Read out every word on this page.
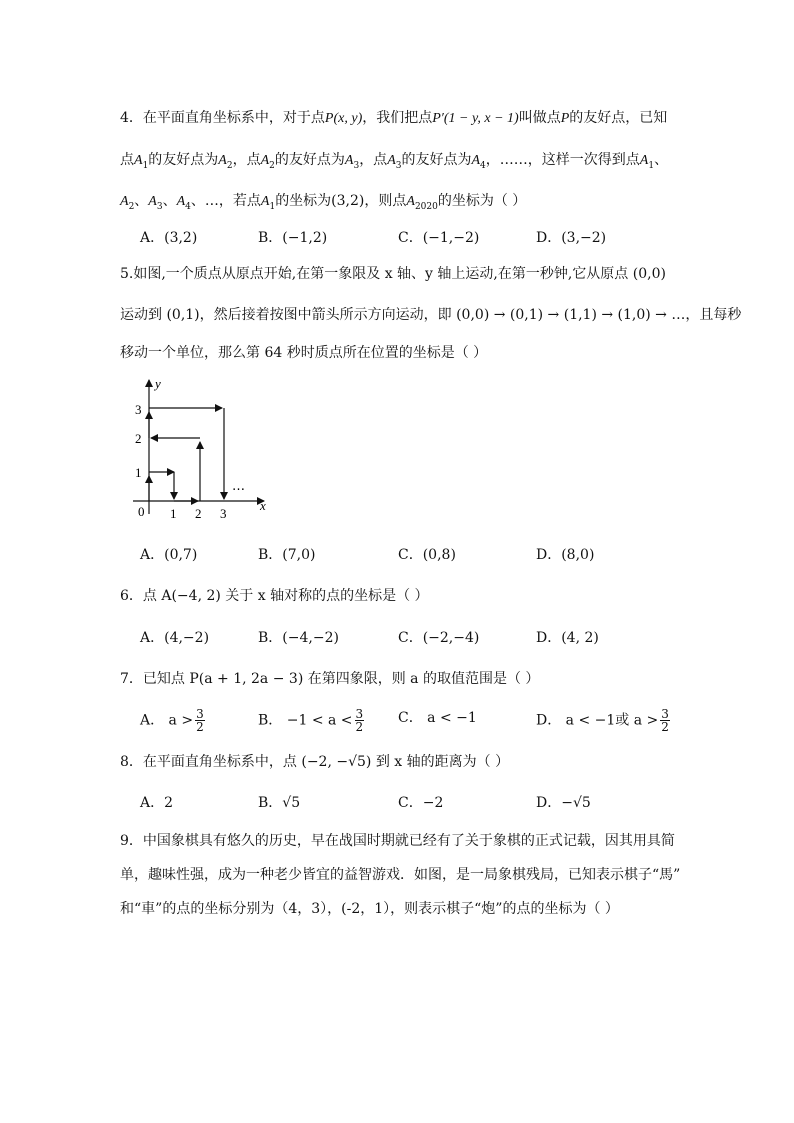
4．在平面直角坐标系中，对于点P(x, y)，我们把点P′(1 − y, x − 1)叫做点P的友好点，已知
点$A_1$的友好点为$A_2$，点$A_2$的友好点为$A_3$，点$A_3$的友好点为$A_4$，……，这样一次得到点$A_1$、
$A_2$、$A_3$、$A_4$、…，若点$A_1$的坐标为(3,2)，则点$A_{2020}$的坐标为（ ）
A．(3,2)	B．(−1,2)	C．(−1,−2)	D．(3,−2)
5.如图,一个质点从原点开始,在第一象限及 x 轴、y 轴上运动,在第一秒钟,它从原点 (0,0)
运动到 (0,1)，然后接着按图中箭头所示方向运动，即 (0,0) → (0,1) → (1,1) → (1,0) → …，且每秒
移动一个单位，那么第 64 秒时质点所在位置的坐标是（ ）
y
x
0 1 2 3
1
2
3
…
A．(0,7)	B．(7,0)	C．(0,8)	D．(8,0)
6．点 A(−4, 2) 关于 x 轴对称的点的坐标是（ ）
A．(4,−2)	B．(−4,−2)	C．(−2,−4)	D．(4, 2)
7．已知点 P(a + 1, 2a − 3) 在第四象限，则 a 的取值范围是（ ）
A． $a > \frac{3}{2}$	B． $-1 < a < \frac{3}{2}$ C． a < −1	D． a < −1或 $a > \frac{3}{2}$
8．在平面直角坐标系中，点 (−2, −√5) 到 x 轴的距离为（ ）
A．2	B．√5	C．−2	D．−√5
9．中国象棋具有悠久的历史，早在战国时期就已经有了关于象棋的正式记载，因其用具简
单，趣味性强，成为一种老少皆宜的益智游戏．如图，是一局象棋残局，已知表示棋子“馬”
和“車”的点的坐标分别为（4，3），(-2，1），则表示棋子“炮”的点的坐标为（ ）
